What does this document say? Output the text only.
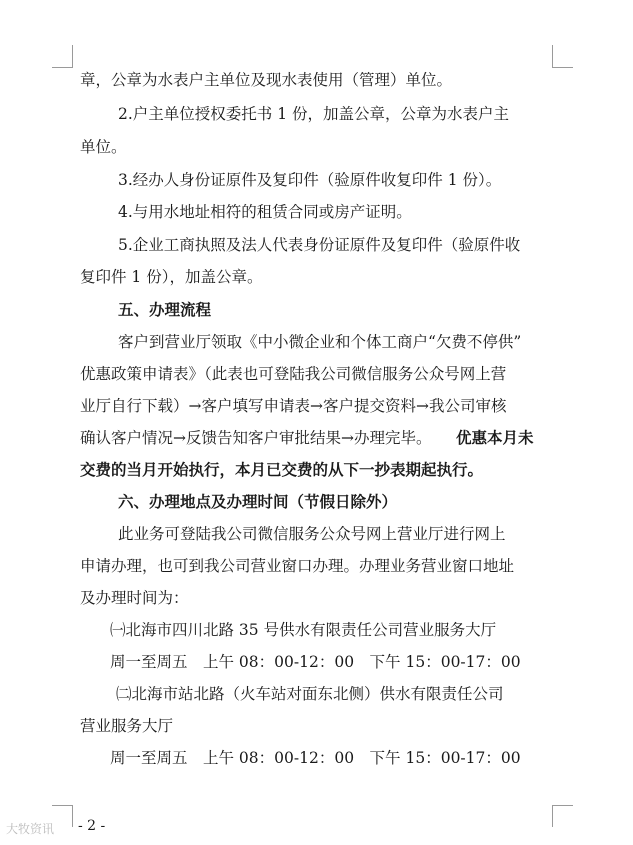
章，公章为水表户主单位及现水表使用（管理）单位。
2.户主单位授权委托书 1 份，加盖公章，公章为水表户主
单位。
3.经办人身份证原件及复印件（验原件收复印件 1 份）。
4.与用水地址相符的租赁合同或房产证明。
5.企业工商执照及法人代表身份证原件及复印件（验原件收
复印件 1 份），加盖公章。
五、办理流程
客户到营业厅领取《中小微企业和个体工商户“欠费不停供”
优惠政策申请表》（此表也可登陆我公司微信服务公众号网上营
业厅自行下载）→客户填写申请表→客户提交资料→我公司审核
确认客户情况→反馈告知客户审批结果→办理完毕。 优惠本月未
交费的当月开始执行，本月已交费的从下一抄表期起执行。
六、办理地点及办理时间（节假日除外）
此业务可登陆我公司微信服务公众号网上营业厅进行网上
申请办理，也可到我公司营业窗口办理。办理业务营业窗口地址
及办理时间为：
㈠北海市四川北路 35 号供水有限责任公司营业服务大厅
周一至周五　上午 08：00-12：00　下午 15：00-17：00
㈡北海市站北路（火车站对面东北侧）供水有限责任公司
营业服务大厅
周一至周五　上午 08：00-12：00　下午 15：00-17：00
- 2 -
大牧资讯
